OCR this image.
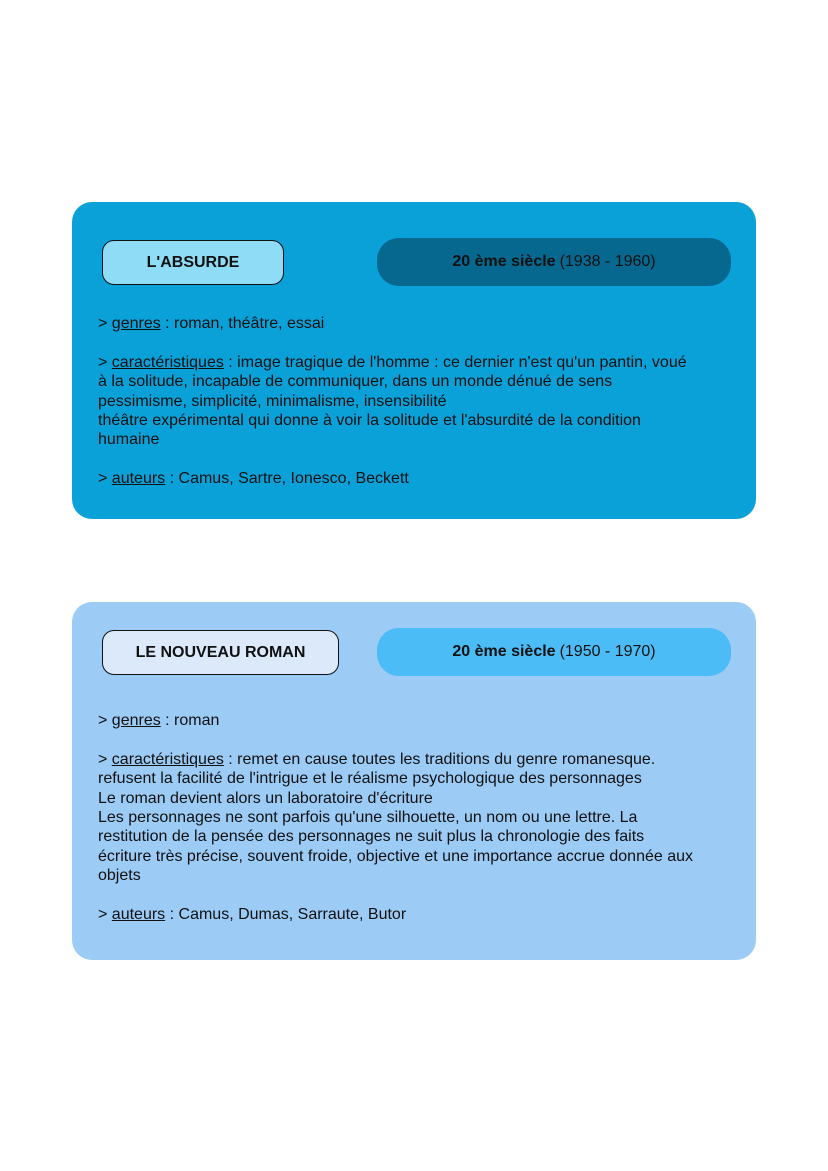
L'ABSURDE	20 ème siècle (1938 - 1960)

> genres : roman, théâtre, essai

> caractéristiques : image tragique de l'homme : ce dernier n'est qu'un pantin, voué
à la solitude, incapable de communiquer, dans un monde dénué de sens
pessimisme, simplicité, minimalisme, insensibilité
théâtre expérimental qui donne à voir la solitude et l'absurdité de la condition
humaine

> auteurs : Camus, Sartre, Ionesco, Beckett

LE NOUVEAU ROMAN	20 ème siècle (1950 - 1970)

> genres : roman

> caractéristiques : remet en cause toutes les traditions du genre romanesque.
refusent la facilité de l'intrigue et le réalisme psychologique des personnages
Le roman devient alors un laboratoire d'écriture
Les personnages ne sont parfois qu'une silhouette, un nom ou une lettre. La
restitution de la pensée des personnages ne suit plus la chronologie des faits
écriture très précise, souvent froide, objective et une importance accrue donnée aux
objets

> auteurs : Camus, Dumas, Sarraute, Butor
